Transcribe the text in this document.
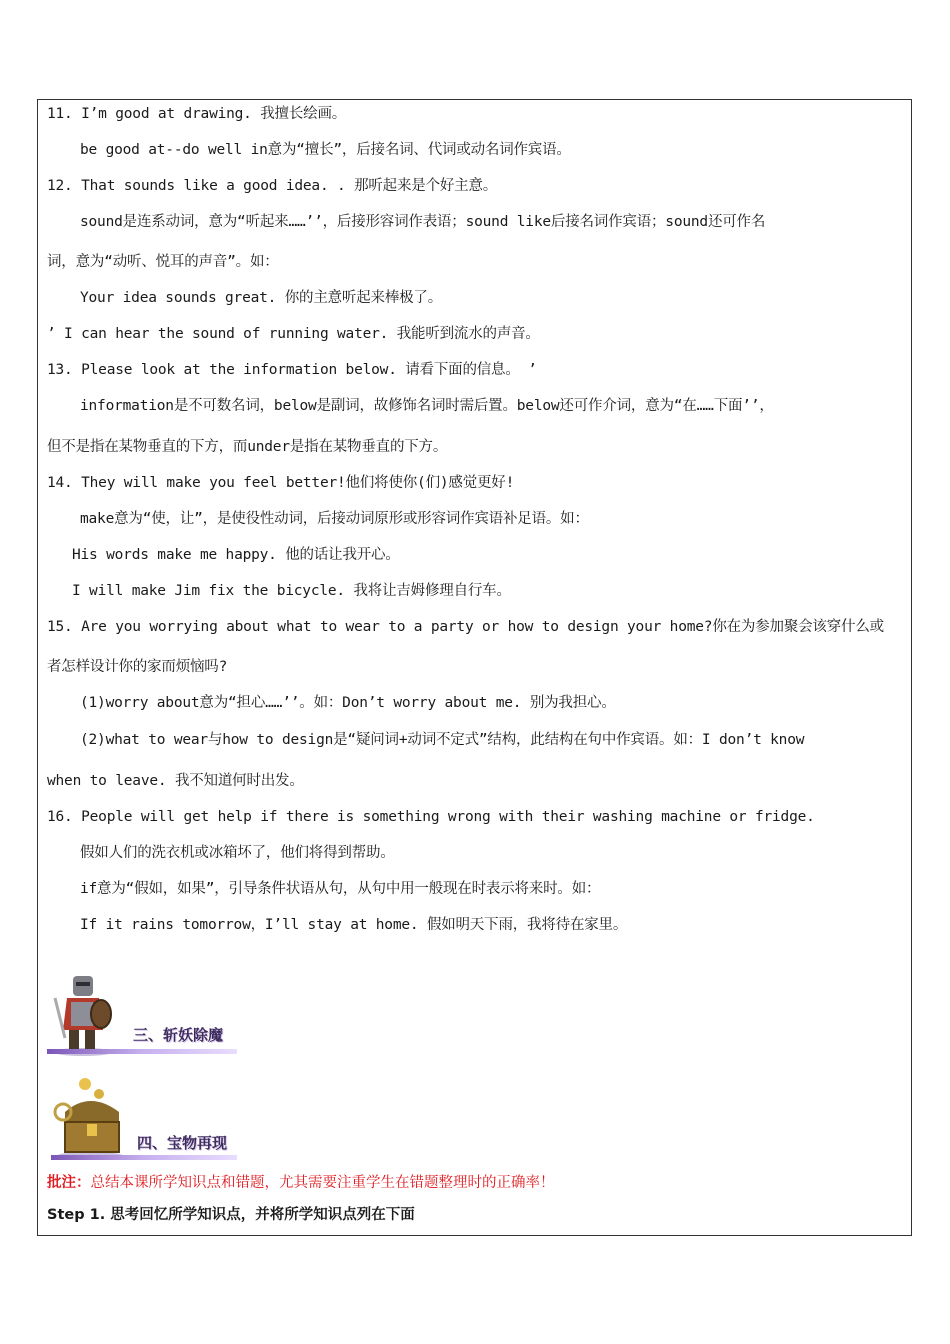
11. I’m good at drawing. 我擅长绘画。
be good at--do well in意为“擅长”，后接名词、代词或动名词作宾语。
12. That sounds like a good idea. . 那听起来是个好主意。
sound是连系动词，意为“听起来……’’，后接形容词作表语；sound like后接名词作宾语；sound还可作名
词，意为“动听、悦耳的声音”。如：
Your idea sounds great. 你的主意听起来棒极了。
’ I can hear the sound of running water. 我能听到流水的声音。
13. Please look at the information below. 请看下面的信息。 ’
information是不可数名词，below是副词，故修饰名词时需后置。below还可作介词，意为“在……下面’’，
但不是指在某物垂直的下方，而under是指在某物垂直的下方。
14. They will make you feel better!他们将使你(们)感觉更好!
make意为“使，让”，是使役性动词，后接动词原形或形容词作宾语补足语。如：
His words make me happy. 他的话让我开心。
I will make Jim fix the bicycle. 我将让吉姆修理自行车。
15. Are you worrying about what to wear to a party or how to design your home?你在为参加聚会该穿什么或
者怎样设计你的家而烦恼吗?
(1)worry about意为“担心……’’。如：Don’t worry about me. 别为我担心。
(2)what to wear与how to design是“疑问词+动词不定式”结构，此结构在句中作宾语。如：I don’t know
when to leave. 我不知道何时出发。
16. People will get help if there is something wrong with their washing machine or fridge.
假如人们的洗衣机或冰箱坏了，他们将得到帮助。
if意为“假如，如果”，引导条件状语从句，从句中用一般现在时表示将来时。如：
If it rains tomorrow，I’ll stay at home. 假如明天下雨，我将待在家里。
三、斩妖除魔
四、宝物再现
批注：总结本课所学知识点和错题，尤其需要注重学生在错题整理时的正确率！
Step 1. 思考回忆所学知识点，并将所学知识点列在下面
